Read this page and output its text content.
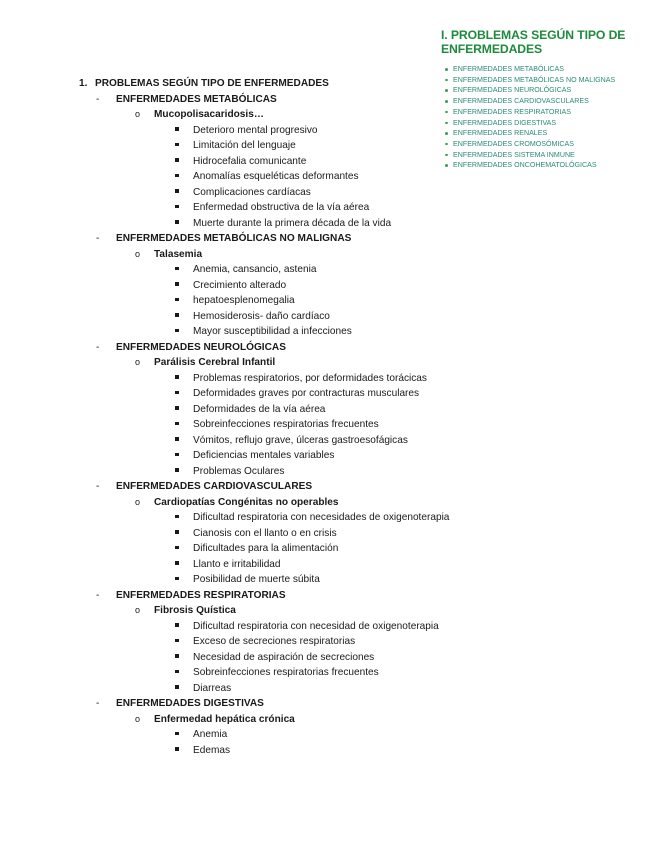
I. PROBLEMAS SEGÚN TIPO DE ENFERMEDADES
ENFERMEDADES METABÓLICAS
ENFERMEDADES METABÓLICAS NO MALIGNAS
ENFERMEDADES NEUROLÓGICAS
ENFERMEDADES CARDIOVASCULARES
ENFERMEDADES RESPIRATORIAS
ENFERMEDADES DIGESTIVAS
ENFERMEDADES RENALES
ENFERMEDADES CROMOSÓMICAS
ENFERMEDADES SISTEMA INMUNE
ENFERMEDADES ONCOHEMATOLÓGICAS
1. PROBLEMAS SEGÚN TIPO DE ENFERMEDADES
- ENFERMEDADES METABÓLICAS
o Mucopolisacaridosis…
Deterioro mental progresivo
Limitación del lenguaje
Hidrocefalia comunicante
Anomalías esqueléticas deformantes
Complicaciones cardíacas
Enfermedad obstructiva de la vía aérea
Muerte durante la primera década de la vida
- ENFERMEDADES METABÓLICAS NO MALIGNAS
o Talasemia
Anemia, cansancio, astenia
Crecimiento alterado
hepatoesplenomegalia
Hemosiderosis- daño cardíaco
Mayor susceptibilidad a infecciones
- ENFERMEDADES NEUROLÓGICAS
o Parálisis Cerebral Infantil
Problemas respiratorios, por deformidades torácicas
Deformidades graves por contracturas musculares
Deformidades de la vía aérea
Sobreinfecciones respiratorias frecuentes
Vómitos, reflujo grave, úlceras gastroesofágicas
Deficiencias mentales variables
Problemas Oculares
- ENFERMEDADES CARDIOVASCULARES
o Cardiopatías Congénitas no operables
Dificultad respiratoria con necesidades de oxigenoterapia
Cianosis con el llanto o en crisis
Dificultades para la alimentación
Llanto e irritabilidad
Posibilidad de muerte súbita
- ENFERMEDADES RESPIRATORIAS
o Fibrosis Quística
Dificultad respiratoria con necesidad de oxigenoterapia
Exceso de secreciones respiratorias
Necesidad de aspiración de secreciones
Sobreinfecciones respiratorias frecuentes
Diarreas
- ENFERMEDADES DIGESTIVAS
o Enfermedad hepática crónica
Anemia
Edemas
